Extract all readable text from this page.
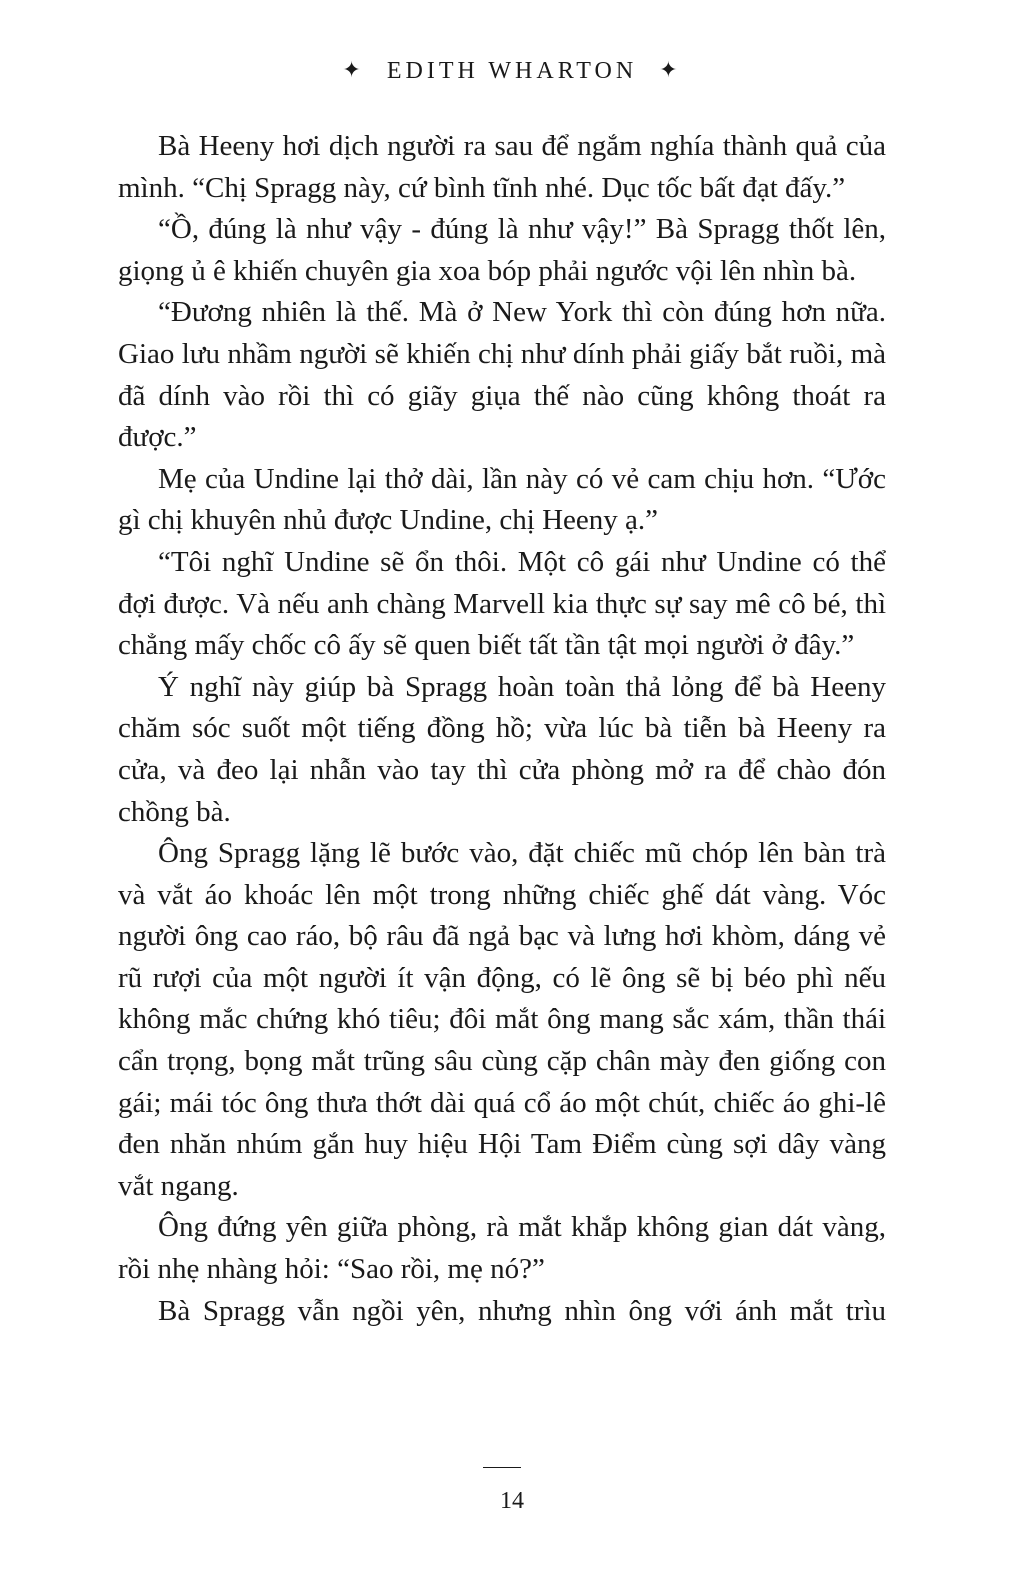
✦ EDITH WHARTON ✦

Bà Heeny hơi dịch người ra sau để ngắm nghía thành quả của mình. “Chị Spragg này, cứ bình tĩnh nhé. Dục tốc bất đạt đấy.”

“Ồ, đúng là như vậy - đúng là như vậy!” Bà Spragg thốt lên, giọng ủ ê khiến chuyên gia xoa bóp phải ngước vội lên nhìn bà.

“Đương nhiên là thế. Mà ở New York thì còn đúng hơn nữa. Giao lưu nhầm người sẽ khiến chị như dính phải giấy bắt ruồi, mà đã dính vào rồi thì có giãy giụa thế nào cũng không thoát ra được.”

Mẹ của Undine lại thở dài, lần này có vẻ cam chịu hơn. “Ước gì chị khuyên nhủ được Undine, chị Heeny ạ.”

“Tôi nghĩ Undine sẽ ổn thôi. Một cô gái như Undine có thể đợi được. Và nếu anh chàng Marvell kia thực sự say mê cô bé, thì chẳng mấy chốc cô ấy sẽ quen biết tất tần tật mọi người ở đây.”

Ý nghĩ này giúp bà Spragg hoàn toàn thả lỏng để bà Heeny chăm sóc suốt một tiếng đồng hồ; vừa lúc bà tiễn bà Heeny ra cửa, và đeo lại nhẫn vào tay thì cửa phòng mở ra để chào đón chồng bà.

Ông Spragg lặng lẽ bước vào, đặt chiếc mũ chóp lên bàn trà và vắt áo khoác lên một trong những chiếc ghế dát vàng. Vóc người ông cao ráo, bộ râu đã ngả bạc và lưng hơi khòm, dáng vẻ rũ rượi của một người ít vận động, có lẽ ông sẽ bị béo phì nếu không mắc chứng khó tiêu; đôi mắt ông mang sắc xám, thần thái cẩn trọng, bọng mắt trũng sâu cùng cặp chân mày đen giống con gái; mái tóc ông thưa thớt dài quá cổ áo một chút, chiếc áo ghi-lê đen nhăn nhúm gắn huy hiệu Hội Tam Điểm cùng sợi dây vàng vắt ngang.

Ông đứng yên giữa phòng, rà mắt khắp không gian dát vàng, rồi nhẹ nhàng hỏi: “Sao rồi, mẹ nó?”

Bà Spragg vẫn ngồi yên, nhưng nhìn ông với ánh mắt trìu

14
